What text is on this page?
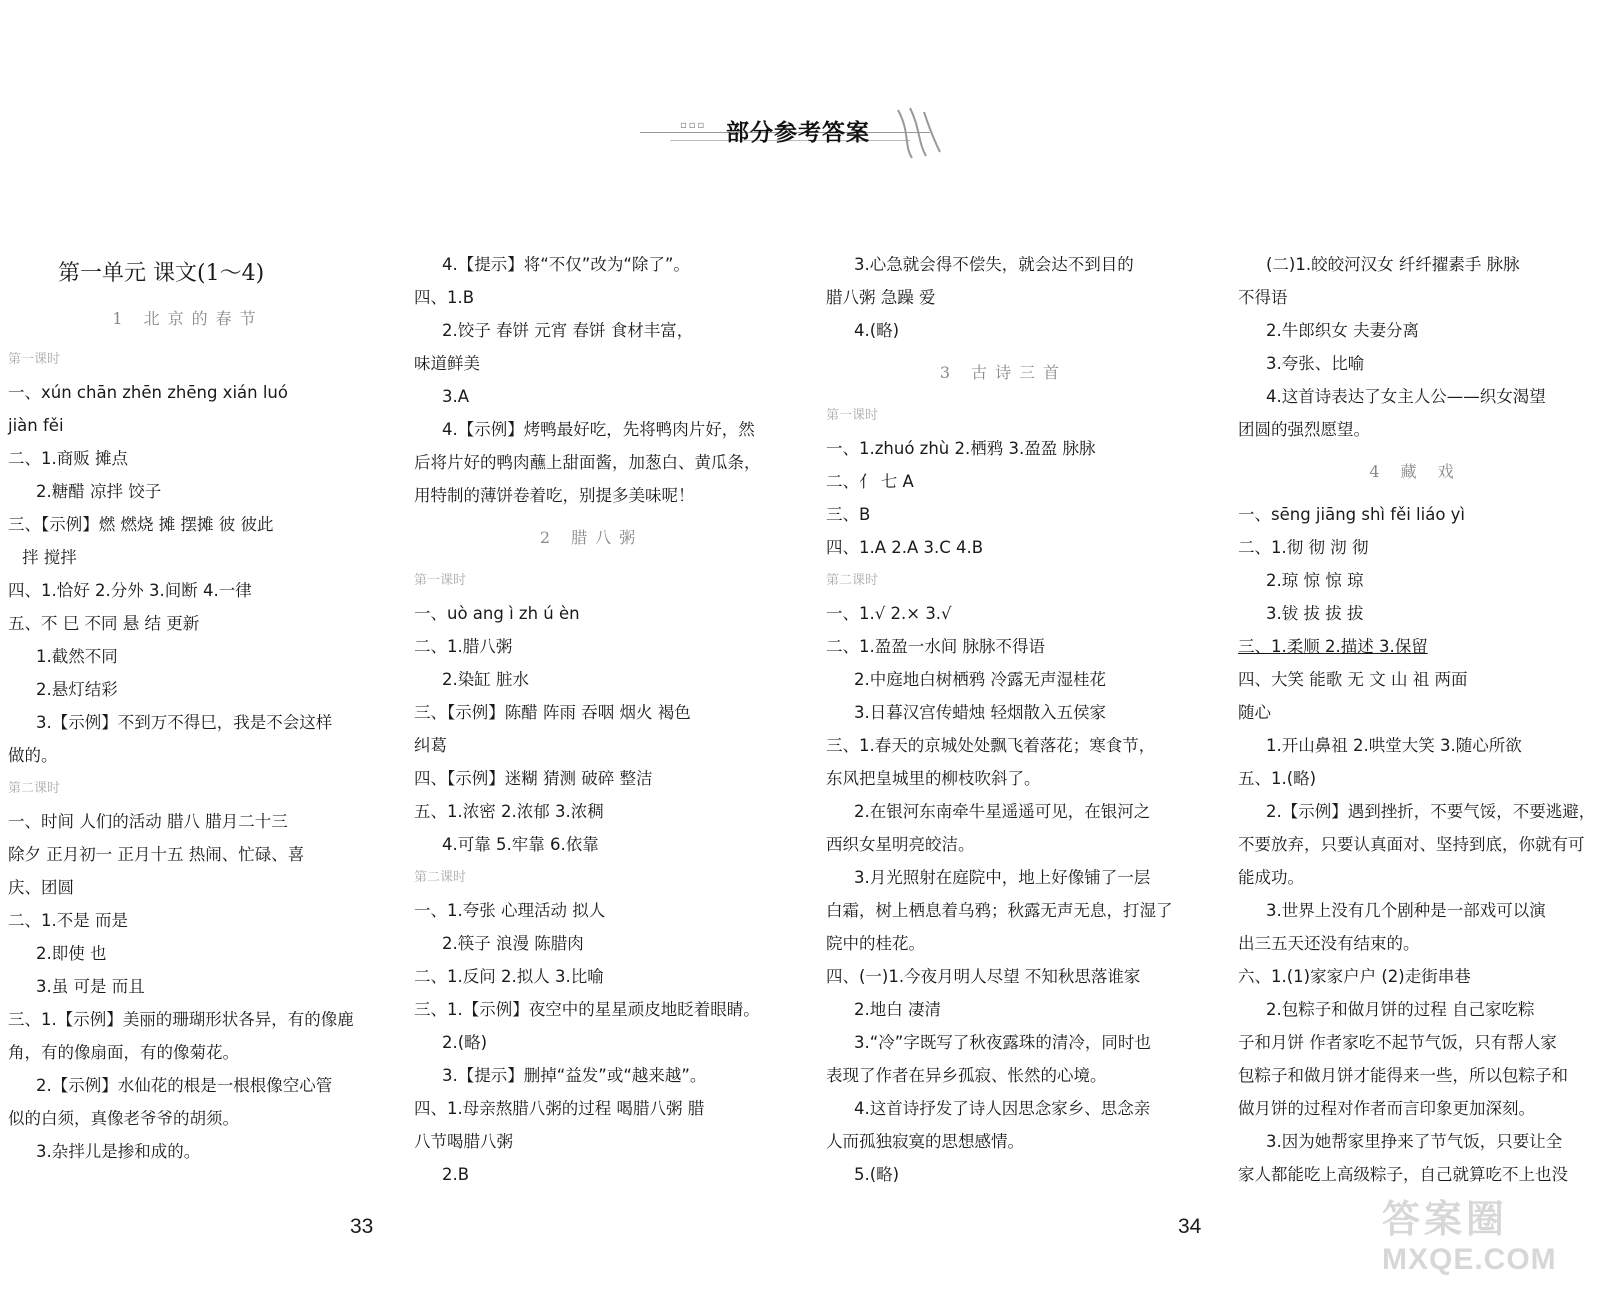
▫▫▫ 部分参考答案
第一单元 课文(1～4)
1 北京的春节
第一课时
一、xún chān zhēn zhēng xián luó
jiàn fěi
二、1.商贩 摊点
2.糖醋 凉拌 饺子
三、【示例】燃 燃烧 摊 摆摊 彼 彼此
拌 搅拌
四、1.恰好 2.分外 3.间断 4.一律
五、不 巳 不同 悬 结 更新
1.截然不同
2.悬灯结彩
3.【示例】不到万不得巳，我是不会这样
做的。
第二课时
一、时间 人们的活动 腊八 腊月二十三
除夕 正月初一 正月十五 热闹、忙碌、喜
庆、团圆
二、1.不是 而是
2.即使 也
3.虽 可是 而且
三、1.【示例】美丽的珊瑚形状各异，有的像鹿
角，有的像扇面，有的像菊花。
2.【示例】水仙花的根是一根根像空心管
似的白须，真像老爷爷的胡须。
3.杂拌儿是掺和成的。
4.【提示】将“不仅”改为“除了”。
四、1.B
2.饺子 春饼 元宵 春饼 食材丰富，
味道鲜美
3.A
4.【示例】烤鸭最好吃，先将鸭肉片好，然
后将片好的鸭肉蘸上甜面酱，加葱白、黄瓜条，
用特制的薄饼卷着吃，别提多美味呢！
2 腊八粥
第一课时
一、uò ang ì zh ú èn
二、1.腊八粥
2.染缸 脏水
三、【示例】陈醋 阵雨 吞咽 烟火 褐色
纠葛
四、【示例】迷糊 猜测 破碎 整洁
五、1.浓密 2.浓郁 3.浓稠
4.可靠 5.牢靠 6.依靠
第二课时
一、1.夸张 心理活动 拟人
2.筷子 浪漫 陈腊肉
二、1.反问 2.拟人 3.比喻
三、1.【示例】夜空中的星星顽皮地眨着眼睛。
2.(略)
3.【提示】删掉“益发”或“越来越”。
四、1.母亲熬腊八粥的过程 喝腊八粥 腊
八节喝腊八粥
2.B
3.心急就会得不偿失，就会达不到目的
腊八粥 急躁 爱
4.(略)
3 古诗三首
第一课时
一、1.zhuó zhù 2.栖鸦 3.盈盈 脉脉
二、亻 七 A
三、B
四、1.A 2.A 3.C 4.B
第二课时
一、1.√ 2.× 3.√
二、1.盈盈一水间 脉脉不得语
2.中庭地白树栖鸦 冷露无声湿桂花
3.日暮汉宫传蜡烛 轻烟散入五侯家
三、1.春天的京城处处飘飞着落花；寒食节，
东风把皇城里的柳枝吹斜了。
2.在银河东南牵牛星遥遥可见，在银河之
西织女星明亮皎洁。
3.月光照射在庭院中，地上好像铺了一层
白霜，树上栖息着乌鸦；秋露无声无息，打湿了
院中的桂花。
四、(一)1.今夜月明人尽望 不知秋思落谁家
2.地白 凄清
3.“冷”字既写了秋夜露珠的清冷，同时也
表现了作者在异乡孤寂、怅然的心境。
4.这首诗抒发了诗人因思念家乡、思念亲
人而孤独寂寞的思想感情。
5.(略)
(二)1.皎皎河汉女 纤纤擢素手 脉脉
不得语
2.牛郎织女 夫妻分离
3.夸张、比喻
4.这首诗表达了女主人公——织女渴望
团圆的强烈愿望。
4 藏 戏
一、sēng jiāng shì fěi liáo yì
二、1.彻 彻 沏 彻
2.琼 惊 惊 琼
3.钹 拔 拔 拔
三、1.柔顺 2.描述 3.保留
四、大笑 能歌 无 文 山 祖 两面
随心
1.开山鼻祖 2.哄堂大笑 3.随心所欲
五、1.(略)
2.【示例】遇到挫折，不要气馁，不要逃避，
不要放弃，只要认真面对、坚持到底，你就有可
能成功。
3.世界上没有几个剧种是一部戏可以演
出三五天还没有结束的。
六、1.(1)家家户户 (2)走街串巷
2.包粽子和做月饼的过程 自己家吃粽
子和月饼 作者家吃不起节气饭，只有帮人家
包粽子和做月饼才能得来一些，所以包粽子和
做月饼的过程对作者而言印象更加深刻。
3.因为她帮家里挣来了节气饭，只要让全
家人都能吃上高级粽子，自己就算吃不上也没
33	34	答案圈
MXQE.COM
